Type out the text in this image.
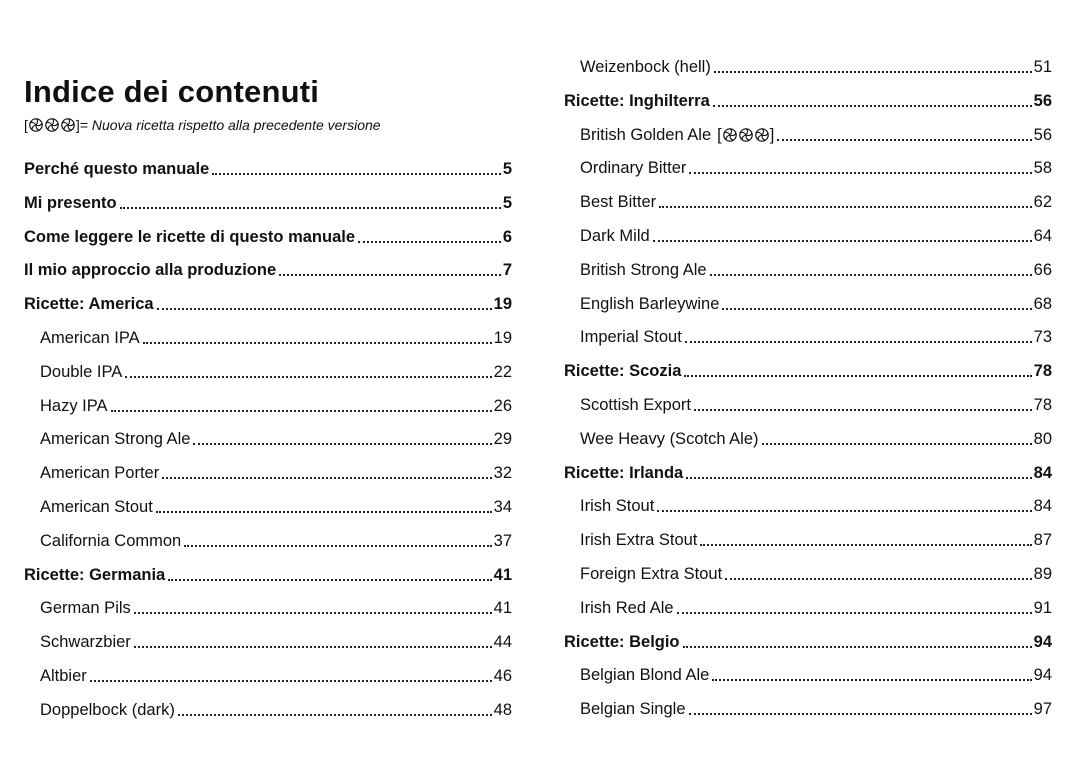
Indice dei contenuti
[	] = Nuova ricetta rispetto alla precedente versione
Perché questo manuale	5
Mi presento	5
Come leggere le ricette di questo manuale	6
Il mio approccio alla produzione	7
Ricette: America	19
American IPA	19
Double IPA	22
Hazy IPA	26
American Strong Ale	29
American Porter	32
American Stout	34
California Common	37
Ricette: Germania	41
German Pils	41
Schwarzbier	44
Altbier	46
Doppelbock (dark)	48
Weizenbock (hell)	51
Ricette: Inghilterra	56
British Golden Ale [	]	56
Ordinary Bitter	58
Best Bitter	62
Dark Mild	64
British Strong Ale	66
English Barleywine	68
Imperial Stout	73
Ricette: Scozia	78
Scottish Export	78
Wee Heavy (Scotch Ale)	80
Ricette: Irlanda	84
Irish Stout	84
Irish Extra Stout	87
Foreign Extra Stout	89
Irish Red Ale	91
Ricette: Belgio	94
Belgian Blond Ale	94
Belgian Single	97
